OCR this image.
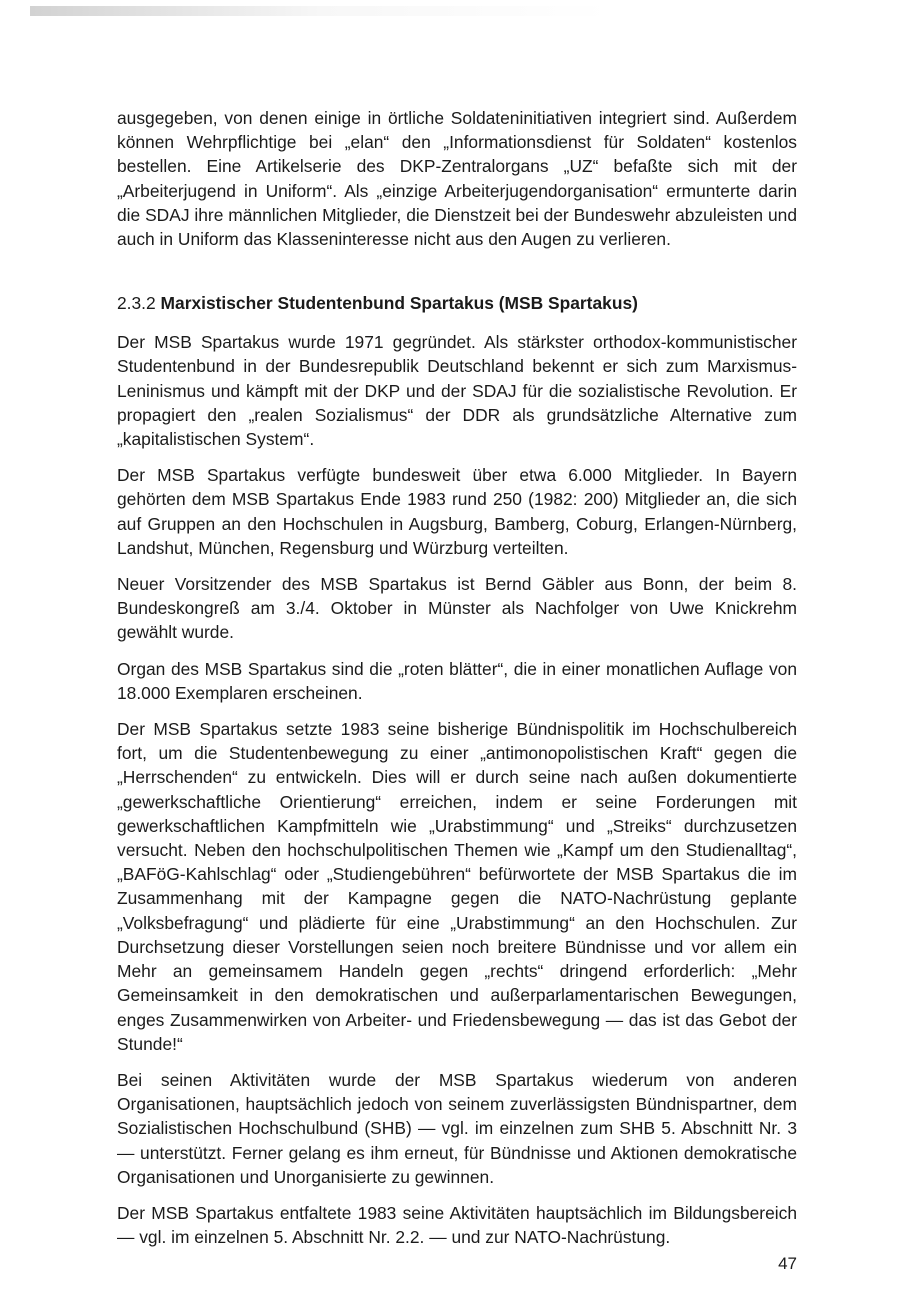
ausgegeben, von denen einige in örtliche Soldateninitiativen integriert sind. Außerdem können Wehrpflichtige bei „elan“ den „Informationsdienst für Soldaten“ kostenlos bestellen. Eine Artikelserie des DKP-Zentralorgans „UZ“ befaßte sich mit der „Arbeiterjugend in Uniform“. Als „einzige Arbeiterjugendorganisation“ ermunterte darin die SDAJ ihre männlichen Mitglieder, die Dienstzeit bei der Bundeswehr abzuleisten und auch in Uniform das Klasseninteresse nicht aus den Augen zu verlieren.

2.3.2 Marxistischer Studentenbund Spartakus (MSB Spartakus)

Der MSB Spartakus wurde 1971 gegründet. Als stärkster orthodox-kommunistischer Studentenbund in der Bundesrepublik Deutschland bekennt er sich zum Marxismus-Leninismus und kämpft mit der DKP und der SDAJ für die sozialistische Revolution. Er propagiert den „realen Sozialismus“ der DDR als grundsätzliche Alternative zum „kapitalistischen System“.

Der MSB Spartakus verfügte bundesweit über etwa 6.000 Mitglieder. In Bayern gehörten dem MSB Spartakus Ende 1983 rund 250 (1982: 200) Mitglieder an, die sich auf Gruppen an den Hochschulen in Augsburg, Bamberg, Coburg, Erlangen-Nürnberg, Landshut, München, Regensburg und Würzburg verteilten.

Neuer Vorsitzender des MSB Spartakus ist Bernd Gäbler aus Bonn, der beim 8. Bundeskongreß am 3./4. Oktober in Münster als Nachfolger von Uwe Knickrehm gewählt wurde.

Organ des MSB Spartakus sind die „roten blätter“, die in einer monatlichen Auflage von 18.000 Exemplaren erscheinen.

Der MSB Spartakus setzte 1983 seine bisherige Bündnispolitik im Hochschulbereich fort, um die Studentenbewegung zu einer „antimonopolistischen Kraft“ gegen die „Herrschenden“ zu entwickeln. Dies will er durch seine nach außen dokumentierte „gewerkschaftliche Orientierung“ erreichen, indem er seine Forderungen mit gewerkschaftlichen Kampfmitteln wie „Urabstimmung“ und „Streiks“ durchzusetzen versucht. Neben den hochschulpolitischen Themen wie „Kampf um den Studienalltag“, „BAFöG-Kahlschlag“ oder „Studiengebühren“ befürwortete der MSB Spartakus die im Zusammenhang mit der Kampagne gegen die NATO-Nachrüstung geplante „Volksbefragung“ und plädierte für eine „Urabstimmung“ an den Hochschulen. Zur Durchsetzung dieser Vorstellungen seien noch breitere Bündnisse und vor allem ein Mehr an gemeinsamem Handeln gegen „rechts“ dringend erforderlich: „Mehr Gemeinsamkeit in den demokratischen und außerparlamentarischen Bewegungen, enges Zusammenwirken von Arbeiter- und Friedensbewegung — das ist das Gebot der Stunde!“

Bei seinen Aktivitäten wurde der MSB Spartakus wiederum von anderen Organisationen, hauptsächlich jedoch von seinem zuverlässigsten Bündnispartner, dem Sozialistischen Hochschulbund (SHB) — vgl. im einzelnen zum SHB 5. Abschnitt Nr. 3 — unterstützt. Ferner gelang es ihm erneut, für Bündnisse und Aktionen demokratische Organisationen und Unorganisierte zu gewinnen.

Der MSB Spartakus entfaltete 1983 seine Aktivitäten hauptsächlich im Bildungsbereich — vgl. im einzelnen 5. Abschnitt Nr. 2.2. — und zur NATO-Nachrüstung.

47
